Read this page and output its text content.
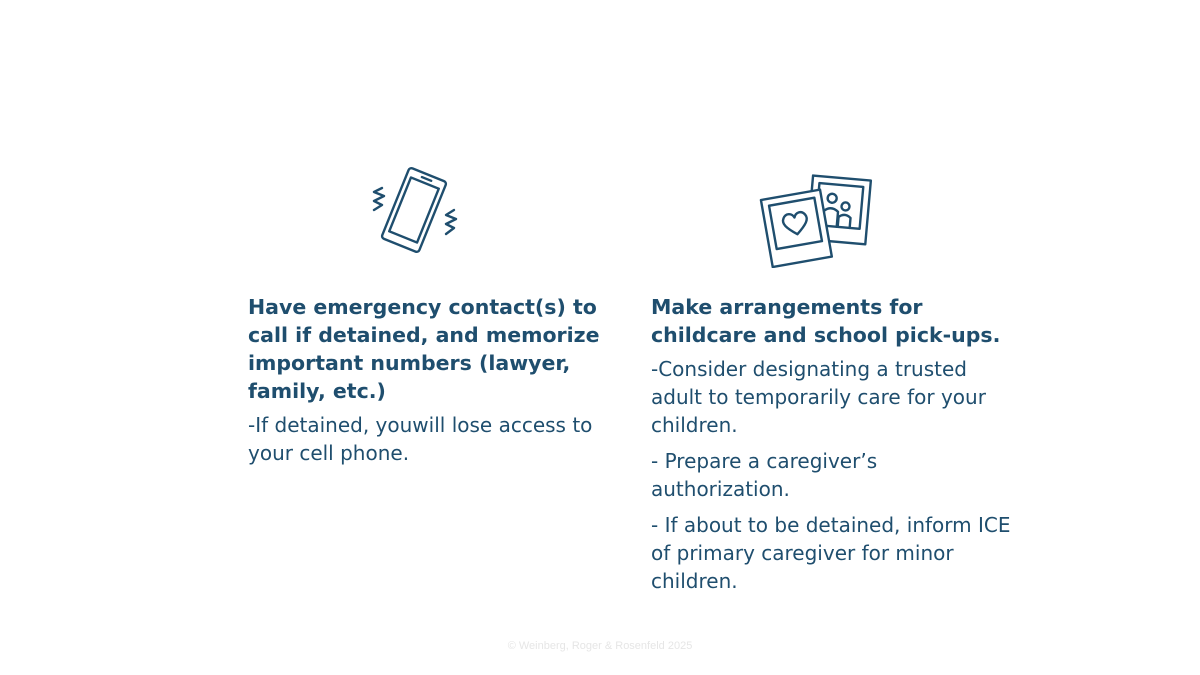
Have emergency contact(s) to call if detained, and memorize important numbers (lawyer, family, etc.)
-If detained, youwill lose access to your cell phone.
Make arrangements for childcare and school pick-ups.
-Consider designating a trusted adult to temporarily care for your children.
- Prepare a caregiver’s authorization.
- If about to be detained, inform ICE of primary caregiver for minor children.
© Weinberg, Roger & Rosenfeld 2025
